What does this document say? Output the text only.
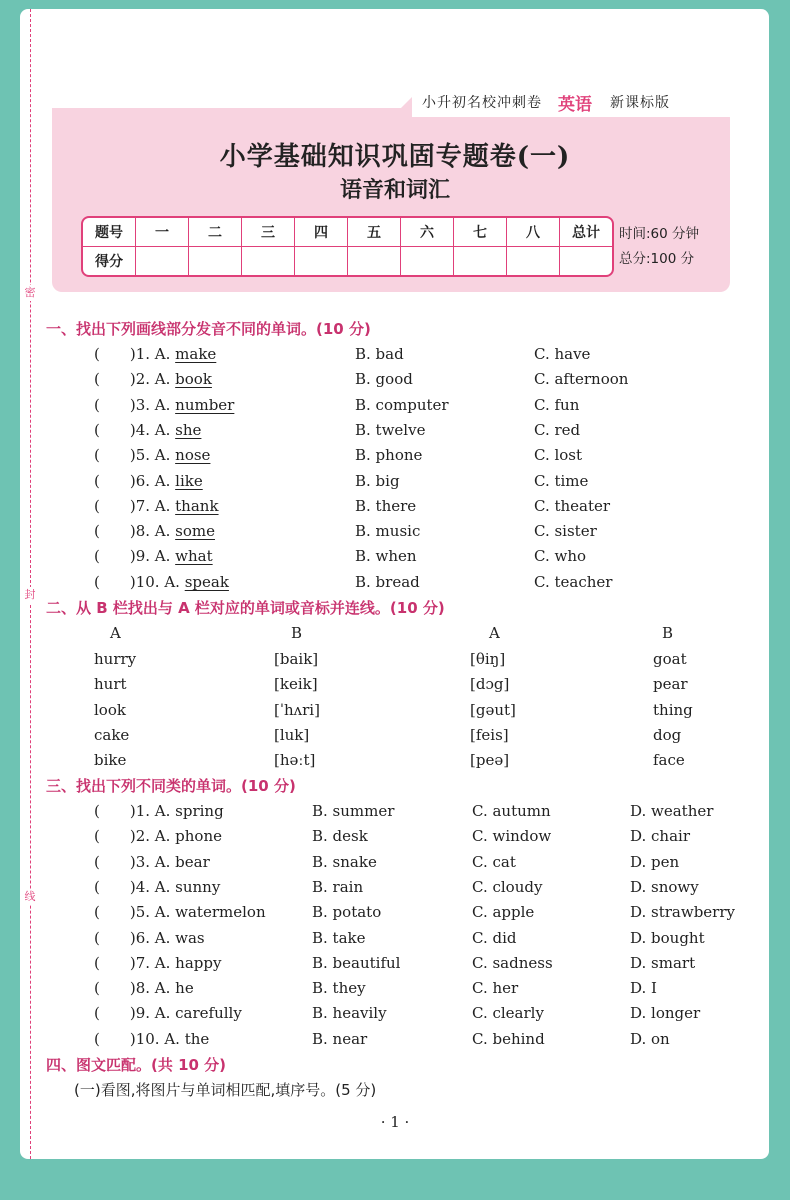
密
封
线
小升初名校冲刺卷 英语 新课标版
小学基础知识巩固专题卷(一)
语音和词汇
题号	一	二	三	四	五	六	七	八	总计
得分									
时间:60 分钟
总分:100 分
一、找出下列画线部分发音不同的单词。(10 分)
(　　)1. A. make	B. bad	C. have
(　　)2. A. book	B. good	C. afternoon
(　　)3. A. number	B. computer	C. fun
(　　)4. A. she	B. twelve	C. red
(　　)5. A. nose	B. phone	C. lost
(　　)6. A. like	B. big	C. time
(　　)7. A. thank	B. there	C. theater
(　　)8. A. some	B. music	C. sister
(　　)9. A. what	B. when	C. who
(　　)10. A. speak	B. bread	C. teacher
二、从 B 栏找出与 A 栏对应的单词或音标并连线。(10 分)
A	B	A	B
hurry	[baik]	[θiŋ]	goat
hurt	[keik]	[dɔg]	pear
look	[ˈhʌri]	[gəut]	thing
cake	[luk]	[feis]	dog
bike	[həːt]	[peə]	face
三、找出下列不同类的单词。(10 分)
(　　)1. A. spring	B. summer	C. autumn	D. weather
(　　)2. A. phone	B. desk	C. window	D. chair
(　　)3. A. bear	B. snake	C. cat	D. pen
(　　)4. A. sunny	B. rain	C. cloudy	D. snowy
(　　)5. A. watermelon	B. potato	C. apple	D. strawberry
(　　)6. A. was	B. take	C. did	D. bought
(　　)7. A. happy	B. beautiful	C. sadness	D. smart
(　　)8. A. he	B. they	C. her	D. I
(　　)9. A. carefully	B. heavily	C. clearly	D. longer
(　　)10. A. the	B. near	C. behind	D. on
四、图文匹配。(共 10 分)
(一)看图,将图片与单词相匹配,填序号。(5 分)
· 1 ·
